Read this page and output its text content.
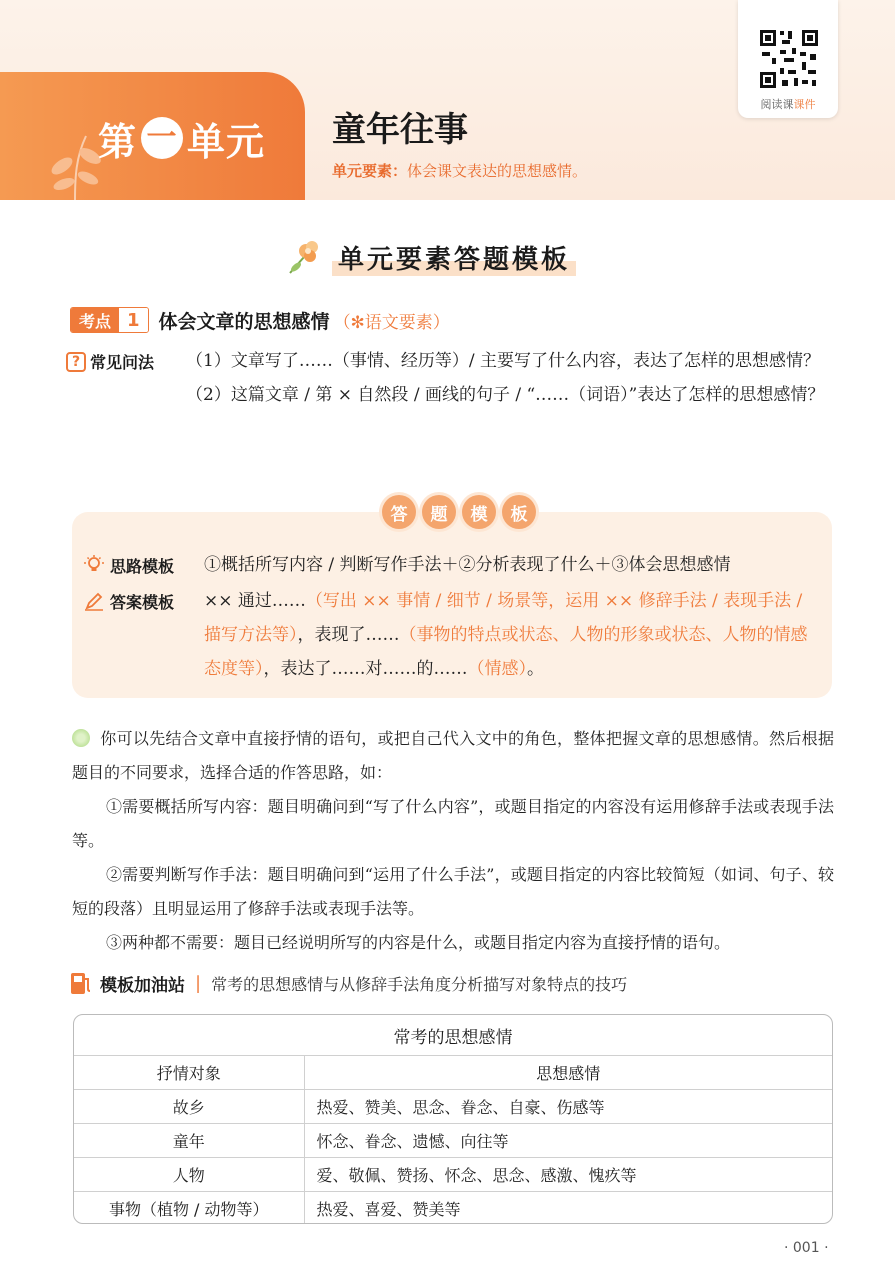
第 一 单元 童年往事
单元要素：体会课文表达的思想感情。
阅读课课件
单元要素答题模板
考点 1	体会文章的思想感情 （✻语文要素）
? 常见问法 （1） 文章写了……（事情、经历等）/ 主要写了什么内容，表达了怎样的思想感情？
（2） 这篇文章 / 第 × 自然段 / 画线的句子 / “……（词语）”表达了怎样的思想感情？
答	题	模	板
思路模板 ①概括所写内容 / 判断写作手法＋②分析表现了什么＋③体会思想感情
答案模板 ×× 通过……（写出 ×× 事情 / 细节 / 场景等，运用 ×× 修辞手法 / 表现手法 / 描写方法等），表现了……（事物的特点或状态、人物的形象或状态、人物的情感态度等），表达了……对……的……（情感）。

你可以先结合文章中直接抒情的语句，或把自己代入文中的角色，整体把握文章的思想感情。然后根据题目的不同要求，选择合适的作答思路，如：

①需要概括所写内容：题目明确问到“写了什么内容”，或题目指定的内容没有运用修辞手法或表现手法等。

②需要判断写作手法：题目明确问到“运用了什么手法”，或题目指定的内容比较简短（如词、句子、较短的段落）且明显运用了修辞手法或表现手法等。

③两种都不需要：题目已经说明所写的内容是什么，或题目指定内容为直接抒情的语句。

模板加油站 | 常考的思想感情与从修辞手法角度分析描写对象特点的技巧
常考的思想感情
抒情对象	思想感情
故乡	热爱、赞美、思念、眷念、自豪、伤感等
童年	怀念、眷念、遗憾、向往等
人物	爱、敬佩、赞扬、怀念、思念、感激、愧疚等
事物（植物 / 动物等）	热爱、喜爱、赞美等
· 001 ·
